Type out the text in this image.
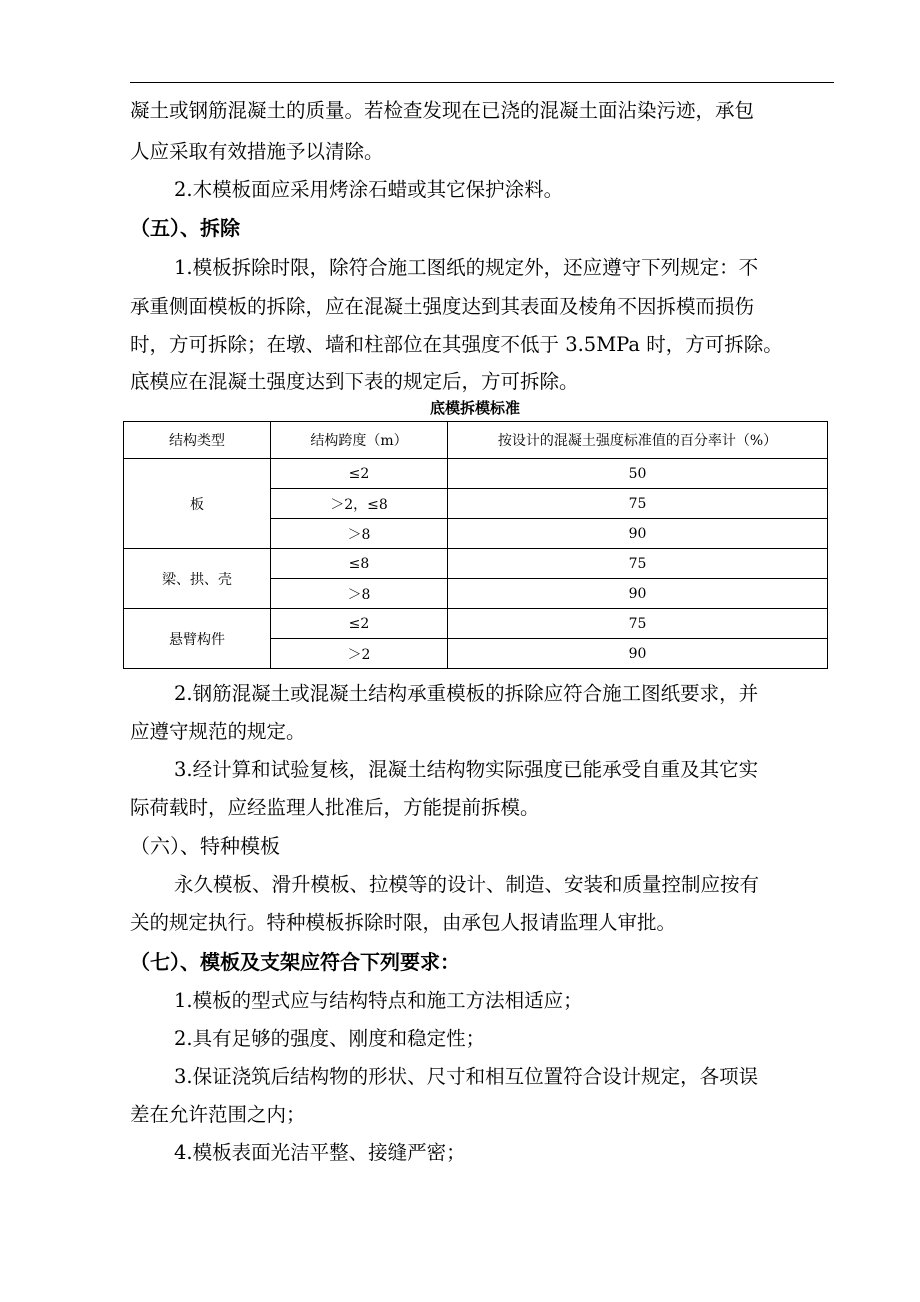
凝土或钢筋混凝土的质量。若检查发现在已浇的混凝土面沾染污迹，承包
人应采取有效措施予以清除。
2.木模板面应采用烤涂石蜡或其它保护涂料。
（五）、拆除
1.模板拆除时限，除符合施工图纸的规定外，还应遵守下列规定：不
承重侧面模板的拆除，应在混凝土强度达到其表面及棱角不因拆模而损伤
时，方可拆除；在墩、墙和柱部位在其强度不低于 3.5MPa 时，方可拆除。
底模应在混凝土强度达到下表的规定后，方可拆除。
底模拆模标准
结构类型	结构跨度（m）	按设计的混凝土强度标准值的百分率计（%）
板	≤2	50
	＞2，≤8	75
	＞8	90
梁、拱、壳	≤8	75
	＞8	90
悬臂构件	≤2	75
	＞2	90
2.钢筋混凝土或混凝土结构承重模板的拆除应符合施工图纸要求，并
应遵守规范的规定。
3.经计算和试验复核，混凝土结构物实际强度已能承受自重及其它实
际荷载时，应经监理人批准后，方能提前拆模。
（六）、特种模板
永久模板、滑升模板、拉模等的设计、制造、安装和质量控制应按有
关的规定执行。特种模板拆除时限，由承包人报请监理人审批。
（七）、模板及支架应符合下列要求：
1.模板的型式应与结构特点和施工方法相适应；
2.具有足够的强度、刚度和稳定性；
3.保证浇筑后结构物的形状、尺寸和相互位置符合设计规定，各项误
差在允许范围之内；
4.模板表面光洁平整、接缝严密；
